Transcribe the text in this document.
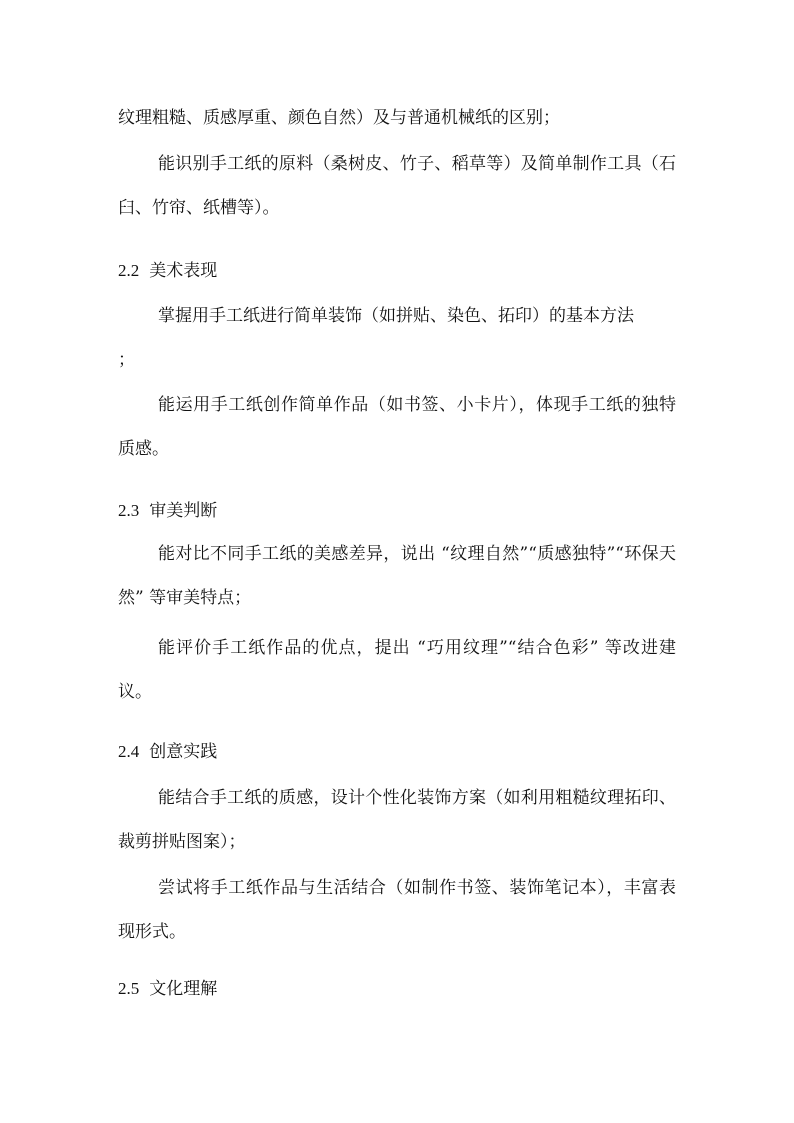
纹理粗糙、质感厚重、颜色自然）及与普通机械纸的区别；
能识别手工纸的原料（桑树皮、竹子、稻草等）及简单制作工具（石臼、竹帘、纸槽等）。
2.2 美术表现
掌握用手工纸进行简单装饰（如拼贴、染色、拓印）的基本方法
；
能运用手工纸创作简单作品（如书签、小卡片），体现手工纸的独特质感。
2.3 审美判断
能对比不同手工纸的美感差异，说出 “纹理自然”“质感独特”“环保天然” 等审美特点；
能评价手工纸作品的优点，提出 “巧用纹理”“结合色彩” 等改进建议。
2.4 创意实践
能结合手工纸的质感，设计个性化装饰方案（如利用粗糙纹理拓印、裁剪拼贴图案）；
尝试将手工纸作品与生活结合（如制作书签、装饰笔记本），丰富表现形式。
2.5 文化理解
